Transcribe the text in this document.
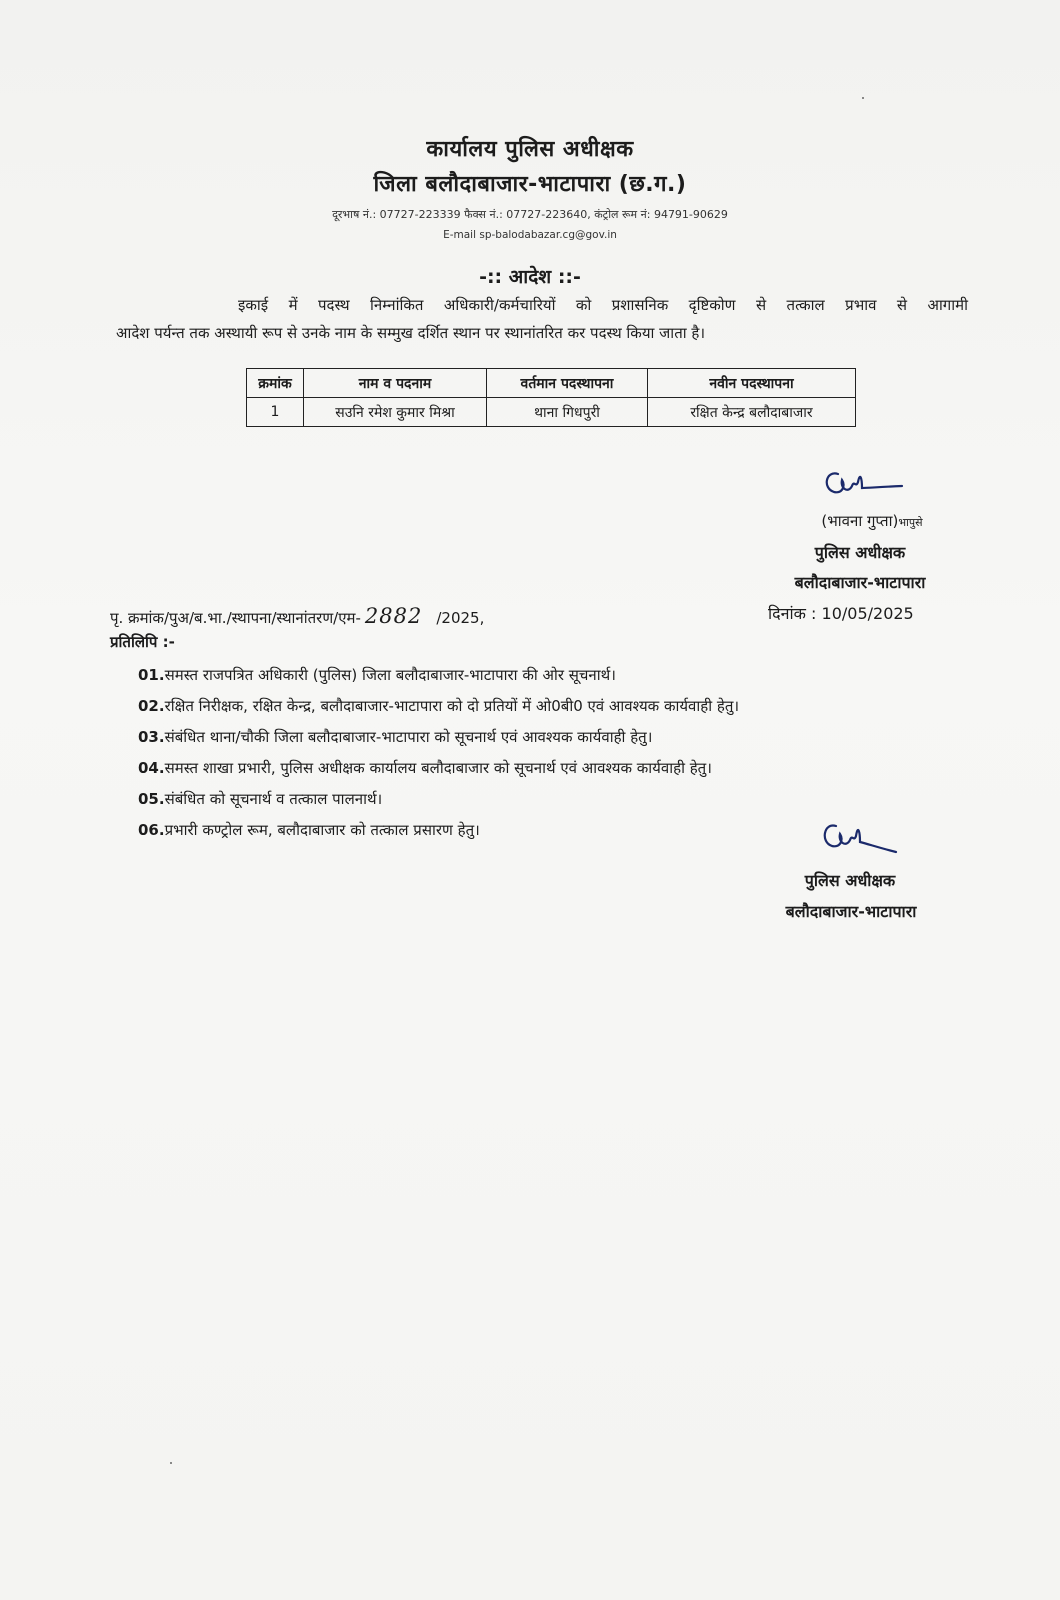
कार्यालय पुलिस अधीक्षक
जिला बलौदाबाजार-भाटापारा (छ.ग.)
दूरभाष नं.: 07727-223339 फैक्स नं.: 07727-223640, कंट्रोल रूम नं: 94791-90629
E-mail sp-balodabazar.cg@gov.in
-:: आदेश ::-
इकाई में पदस्थ निम्नांकित अधिकारी/कर्मचारियों को प्रशासनिक दृष्टिकोण से तत्काल प्रभाव से आगामी
आदेश पर्यन्त तक अस्थायी रूप से उनके नाम के सम्मुख दर्शित स्थान पर स्थानांतरित कर पदस्थ किया जाता है।
क्रमांक	नाम व पदनाम	वर्तमान पदस्थापना	नवीन पदस्थापना
1	सउनि रमेश कुमार मिश्रा	थाना गिधपुरी	रक्षित केन्द्र बलौदाबाजार
(भावना गुप्ता)भापुसे
पुलिस अधीक्षक
बलौदाबाजार-भाटापारा
पृ. क्रमांक/पुअ/ब.भा./स्थापना/स्थानांतरण/एम- 2882 /2025,	दिनांक : 10/05/2025
प्रतिलिपि :-
01.समस्त राजपत्रित अधिकारी (पुलिस) जिला बलौदाबाजार-भाटापारा की ओर सूचनार्थ।
02.रक्षित निरीक्षक, रक्षित केन्द्र, बलौदाबाजार-भाटापारा को दो प्रतियों में ओ0बी0 एवं आवश्यक कार्यवाही हेतु।
03.संबंधित थाना/चौकी जिला बलौदाबाजार-भाटापारा को सूचनार्थ एवं आवश्यक कार्यवाही हेतु।
04.समस्त शाखा प्रभारी, पुलिस अधीक्षक कार्यालय बलौदाबाजार को सूचनार्थ एवं आवश्यक कार्यवाही हेतु।
05.संबंधित को सूचनार्थ व तत्काल पालनार्थ।
06.प्रभारी कण्ट्रोल रूम, बलौदाबाजार को तत्काल प्रसारण हेतु।
पुलिस अधीक्षक
बलौदाबाजार-भाटापारा
